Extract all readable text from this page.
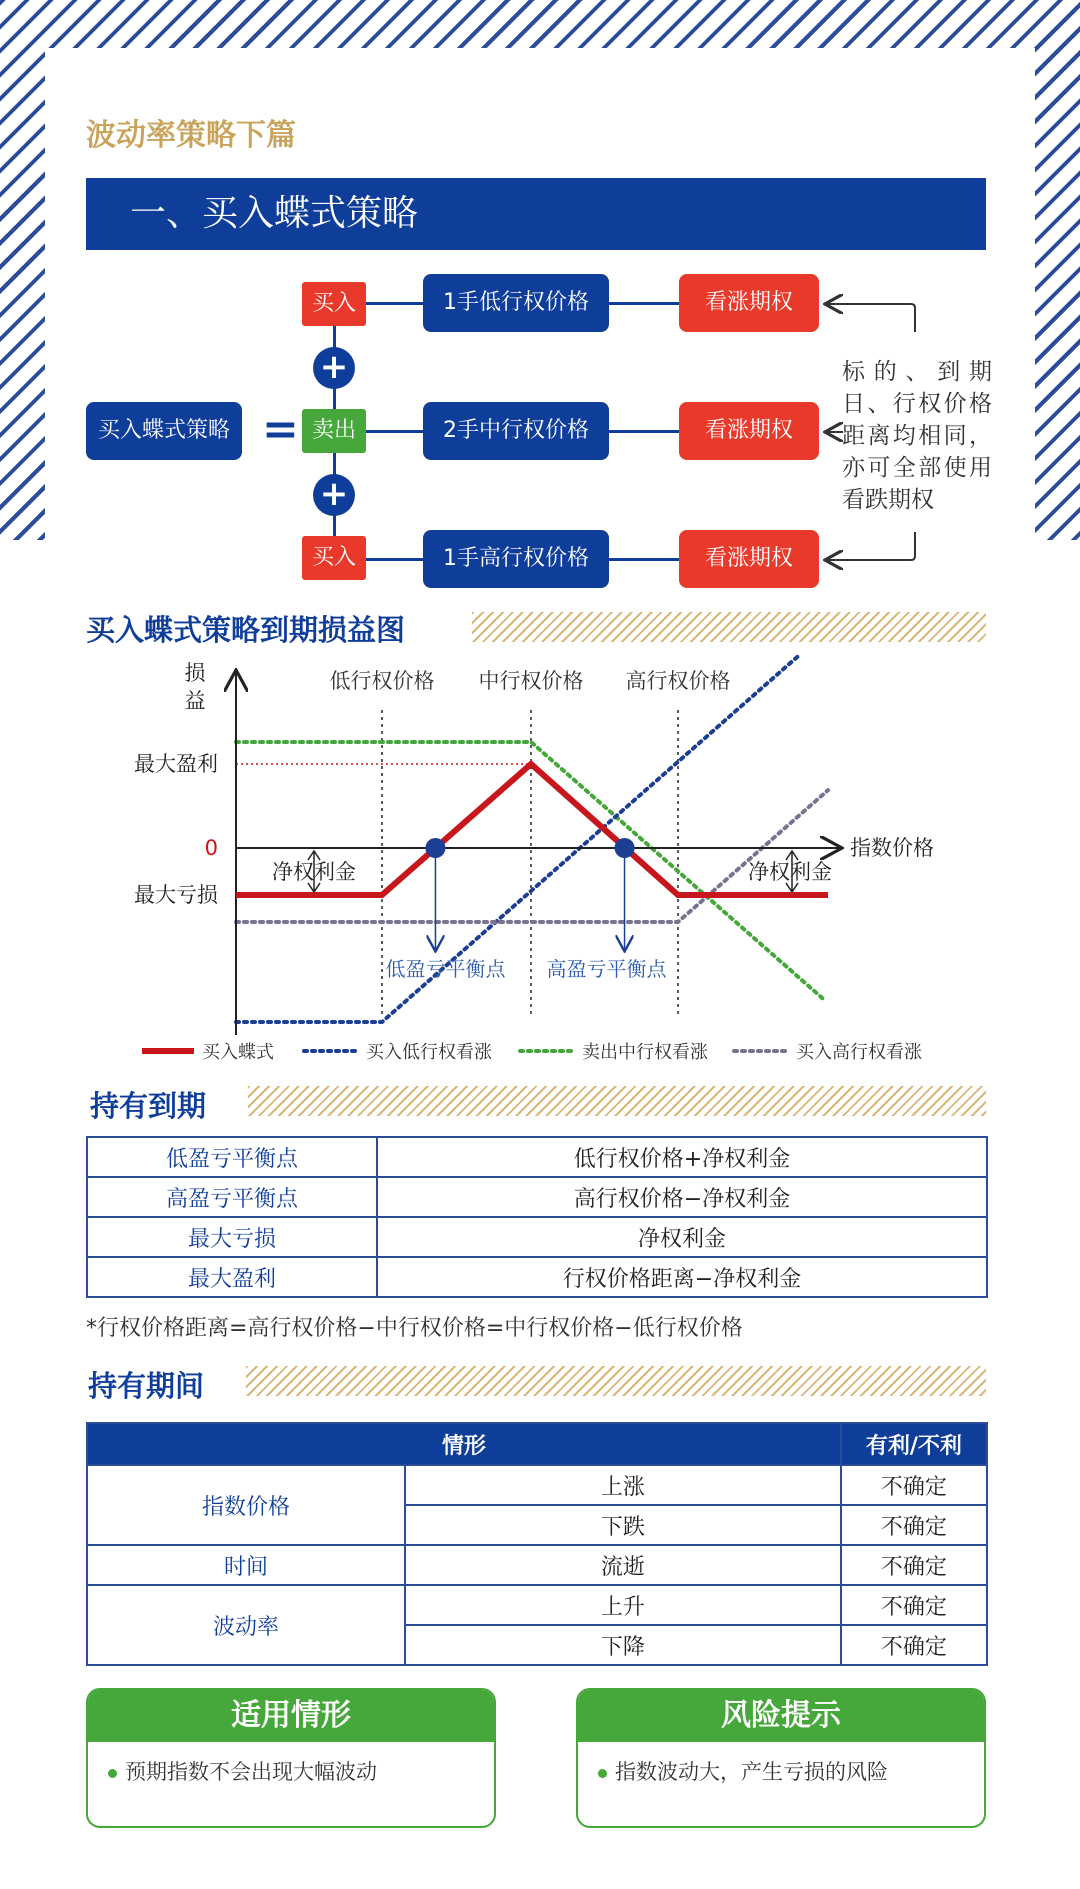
波动率策略下篇
一、买入蝶式策略
买入蝶式策略 =
买入	1手低行权价格	看涨期权
+
卖出	2手中行权价格	看涨期权
+
买入	1手高行权价格	看涨期权
标的、到期日、行权价格距离均相同，亦可全部使用看跌期权
买入蝶式策略到期损益图
低行权价格 中行权价格 高行权价格
低盈亏平衡点 高盈亏平衡点
净权利金	净权利金
损
益
最大盈利
0
最大亏损
指数价格
买入蝶式	买入低行权看涨	卖出中行权看涨	买入高行权看涨
持有到期
低盈亏平衡点	低行权价格+净权利金
高盈亏平衡点	高行权价格−净权利金
最大亏损	净权利金
最大盈利	行权价格距离−净权利金
*行权价格距离=高行权价格−中行权价格=中行权价格−低行权价格
持有期间
情形		有利/不利
指数价格	上涨	不确定
	下跌	不确定
时间	流逝	不确定
波动率	上升	不确定
	下降	不确定
适用情形
预期指数不会出现大幅波动
风险提示
指数波动大，产生亏损的风险
